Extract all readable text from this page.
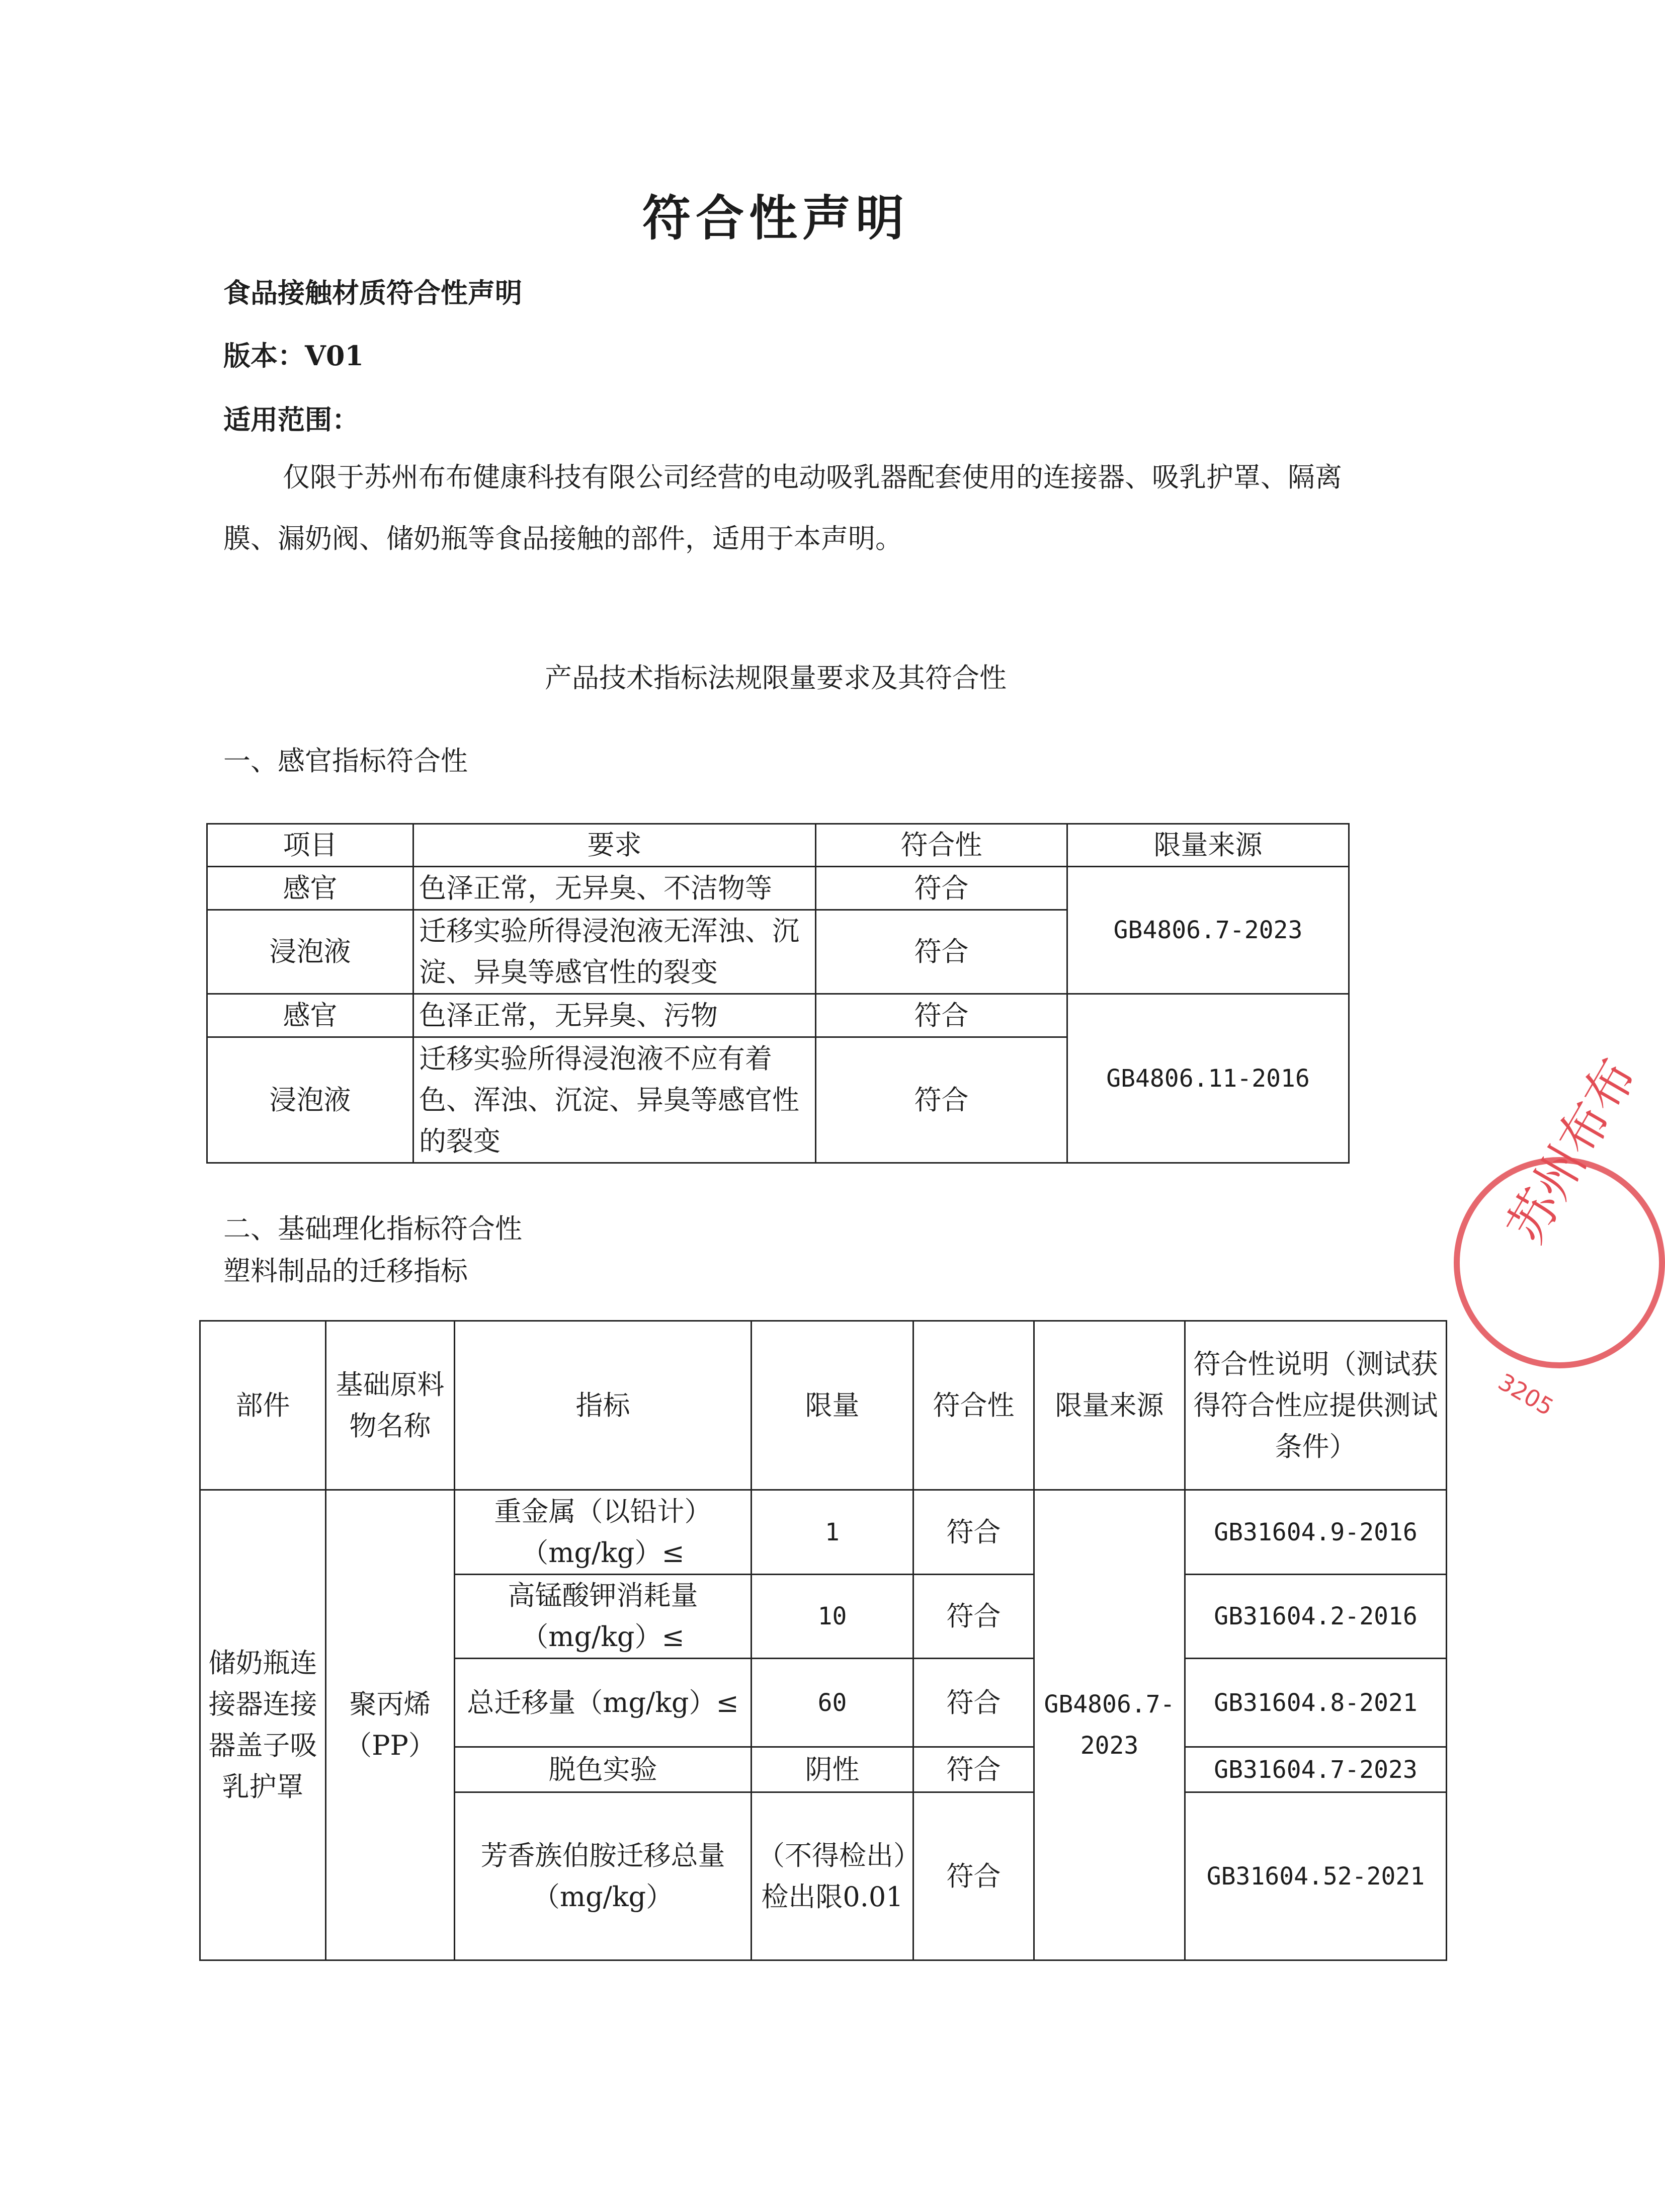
符合性声明
食品接触材质符合性声明
版本：V01
适用范围：
仅限于苏州布布健康科技有限公司经营的电动吸乳器配套使用的连接器、吸乳护罩、隔离膜、漏奶阀、储奶瓶等食品接触的部件，适用于本声明。
产品技术指标法规限量要求及其符合性
一、感官指标符合性
项目	要求	符合性	限量来源
感官	色泽正常，无异臭、不洁物等	符合	GB4806.7-2023
浸泡液	迁移实验所得浸泡液无浑浊、沉淀、异臭等感官性的裂变	符合	
感官	色泽正常，无异臭、污物	符合	GB4806.11-2016
浸泡液	迁移实验所得浸泡液不应有着色、浑浊、沉淀、异臭等感官性的裂变	符合	
二、基础理化指标符合性
塑料制品的迁移指标
部件	基础原料物名称	指标	限量	符合性	限量来源	符合性说明（测试获得符合性应提供测试条件）
储奶瓶连接器连接器盖子吸乳护罩	聚丙烯（PP）	重金属（以铅计）（mg/kg）≤	1	符合	GB4806.7-2023	GB31604.9-2016
		高锰酸钾消耗量（mg/kg）≤	10	符合		GB31604.2-2016
		总迁移量（mg/kg）≤	60	符合		GB31604.8-2021
		脱色实验	阴性	符合		GB31604.7-2023
		芳香族伯胺迁移总量（mg/kg）	（不得检出）检出限0.01	符合		GB31604.52-2021
苏州布布
3205
